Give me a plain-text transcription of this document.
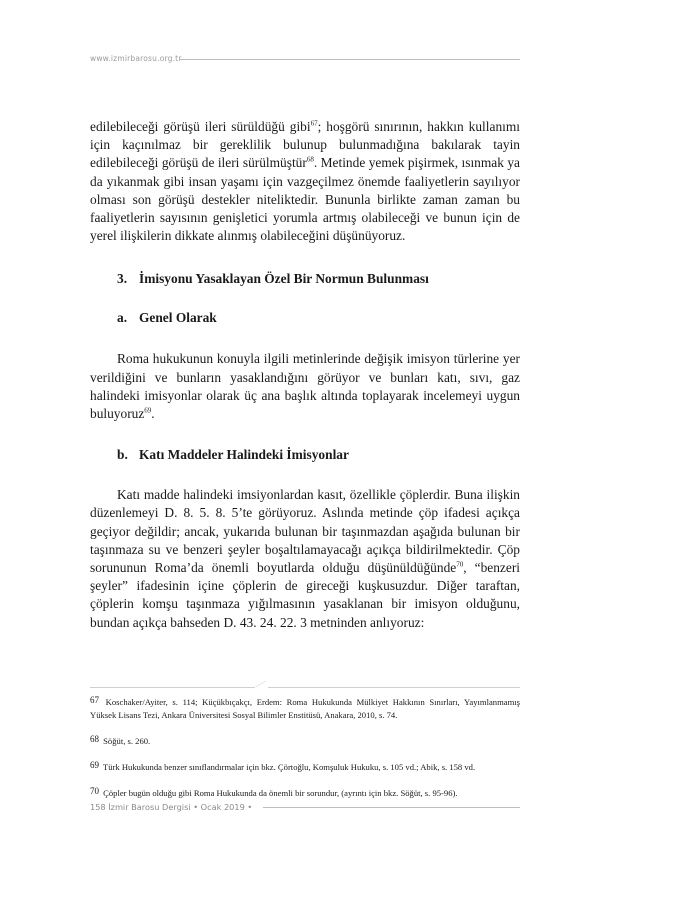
www.izmirbarosu.org.tr

edilebileceği görüşü ileri sürüldüğü gibi$^{67}$; hoşgörü sınırının, hakkın kullanımı için kaçınılmaz bir gereklilik bulunup bulunmadığına bakılarak tayin edilebileceği görüşü de ileri sürülmüştür$^{68}$. Metinde yemek pişirmek, ısınmak ya da yıkanmak gibi insan yaşamı için vazgeçilmez önemde faaliyetlerin sayılıyor olması son görüşü destekler niteliktedir. Bununla birlikte zaman zaman bu faaliyetlerin sayısının genişletici yorumla artmış olabileceği ve bunun için de yerel ilişkilerin dikkate alınmış olabileceğini düşünüyoruz.

3. İmisyonu Yasaklayan Özel Bir Normun Bulunması

a. Genel Olarak

Roma hukukunun konuyla ilgili metinlerinde değişik imisyon türlerine yer verildiğini ve bunların yasaklandığını görüyor ve bunları katı, sıvı, gaz halindeki imisyonlar olarak üç ana başlık altında toplayarak incelemeyi uygun buluyoruz$^{69}$.

b. Katı Maddeler Halindeki İmisyonlar

Katı madde halindeki imsiyonlardan kasıt, özellikle çöplerdir. Buna ilişkin düzenlemeyi D. 8. 5. 8. 5’te görüyoruz. Aslında metinde çöp ifadesi açıkça geçiyor değildir; ancak, yukarıda bulunan bir taşınmazdan aşağıda bulunan bir taşınmaza su ve benzeri şeyler boşaltılamayacağı açıkça bildirilmektedir. Çöp sorununun Roma’da önemli boyutlarda olduğu düşünüldüğünde$^{70}$, “benzeri şeyler” ifadesinin içine çöplerin de gireceği kuşkusuzdur. Diğer taraftan, çöplerin komşu taşınmaza yığılmasının yasaklanan bir imisyon olduğunu, bundan açıkça bahseden D. 43. 24. 22. 3 metninden anlıyoruz:

67 Koschaker/Ayiter, s. 114; Küçükbıçakçı, Erdem: Roma Hukukunda Mülkiyet Hakkının Sınırları, Yayımlanmamış Yüksek Lisans Tezi, Ankara Üniversitesi Sosyal Bilimler Enstitüsü, Anakara, 2010, s. 74.

68 Söğüt, s. 260.

69 Türk Hukukunda benzer sınıflandırmalar için bkz. Çörtoğlu, Komşuluk Hukuku, s. 105 vd.; Abik, s. 158 vd.

70 Çöpler bugün olduğu gibi Roma Hukukunda da önemli bir sorundur, (ayrıntı için bkz. Söğüt, s. 95-96).

158 İzmir Barosu Dergisi • Ocak 2019 •
